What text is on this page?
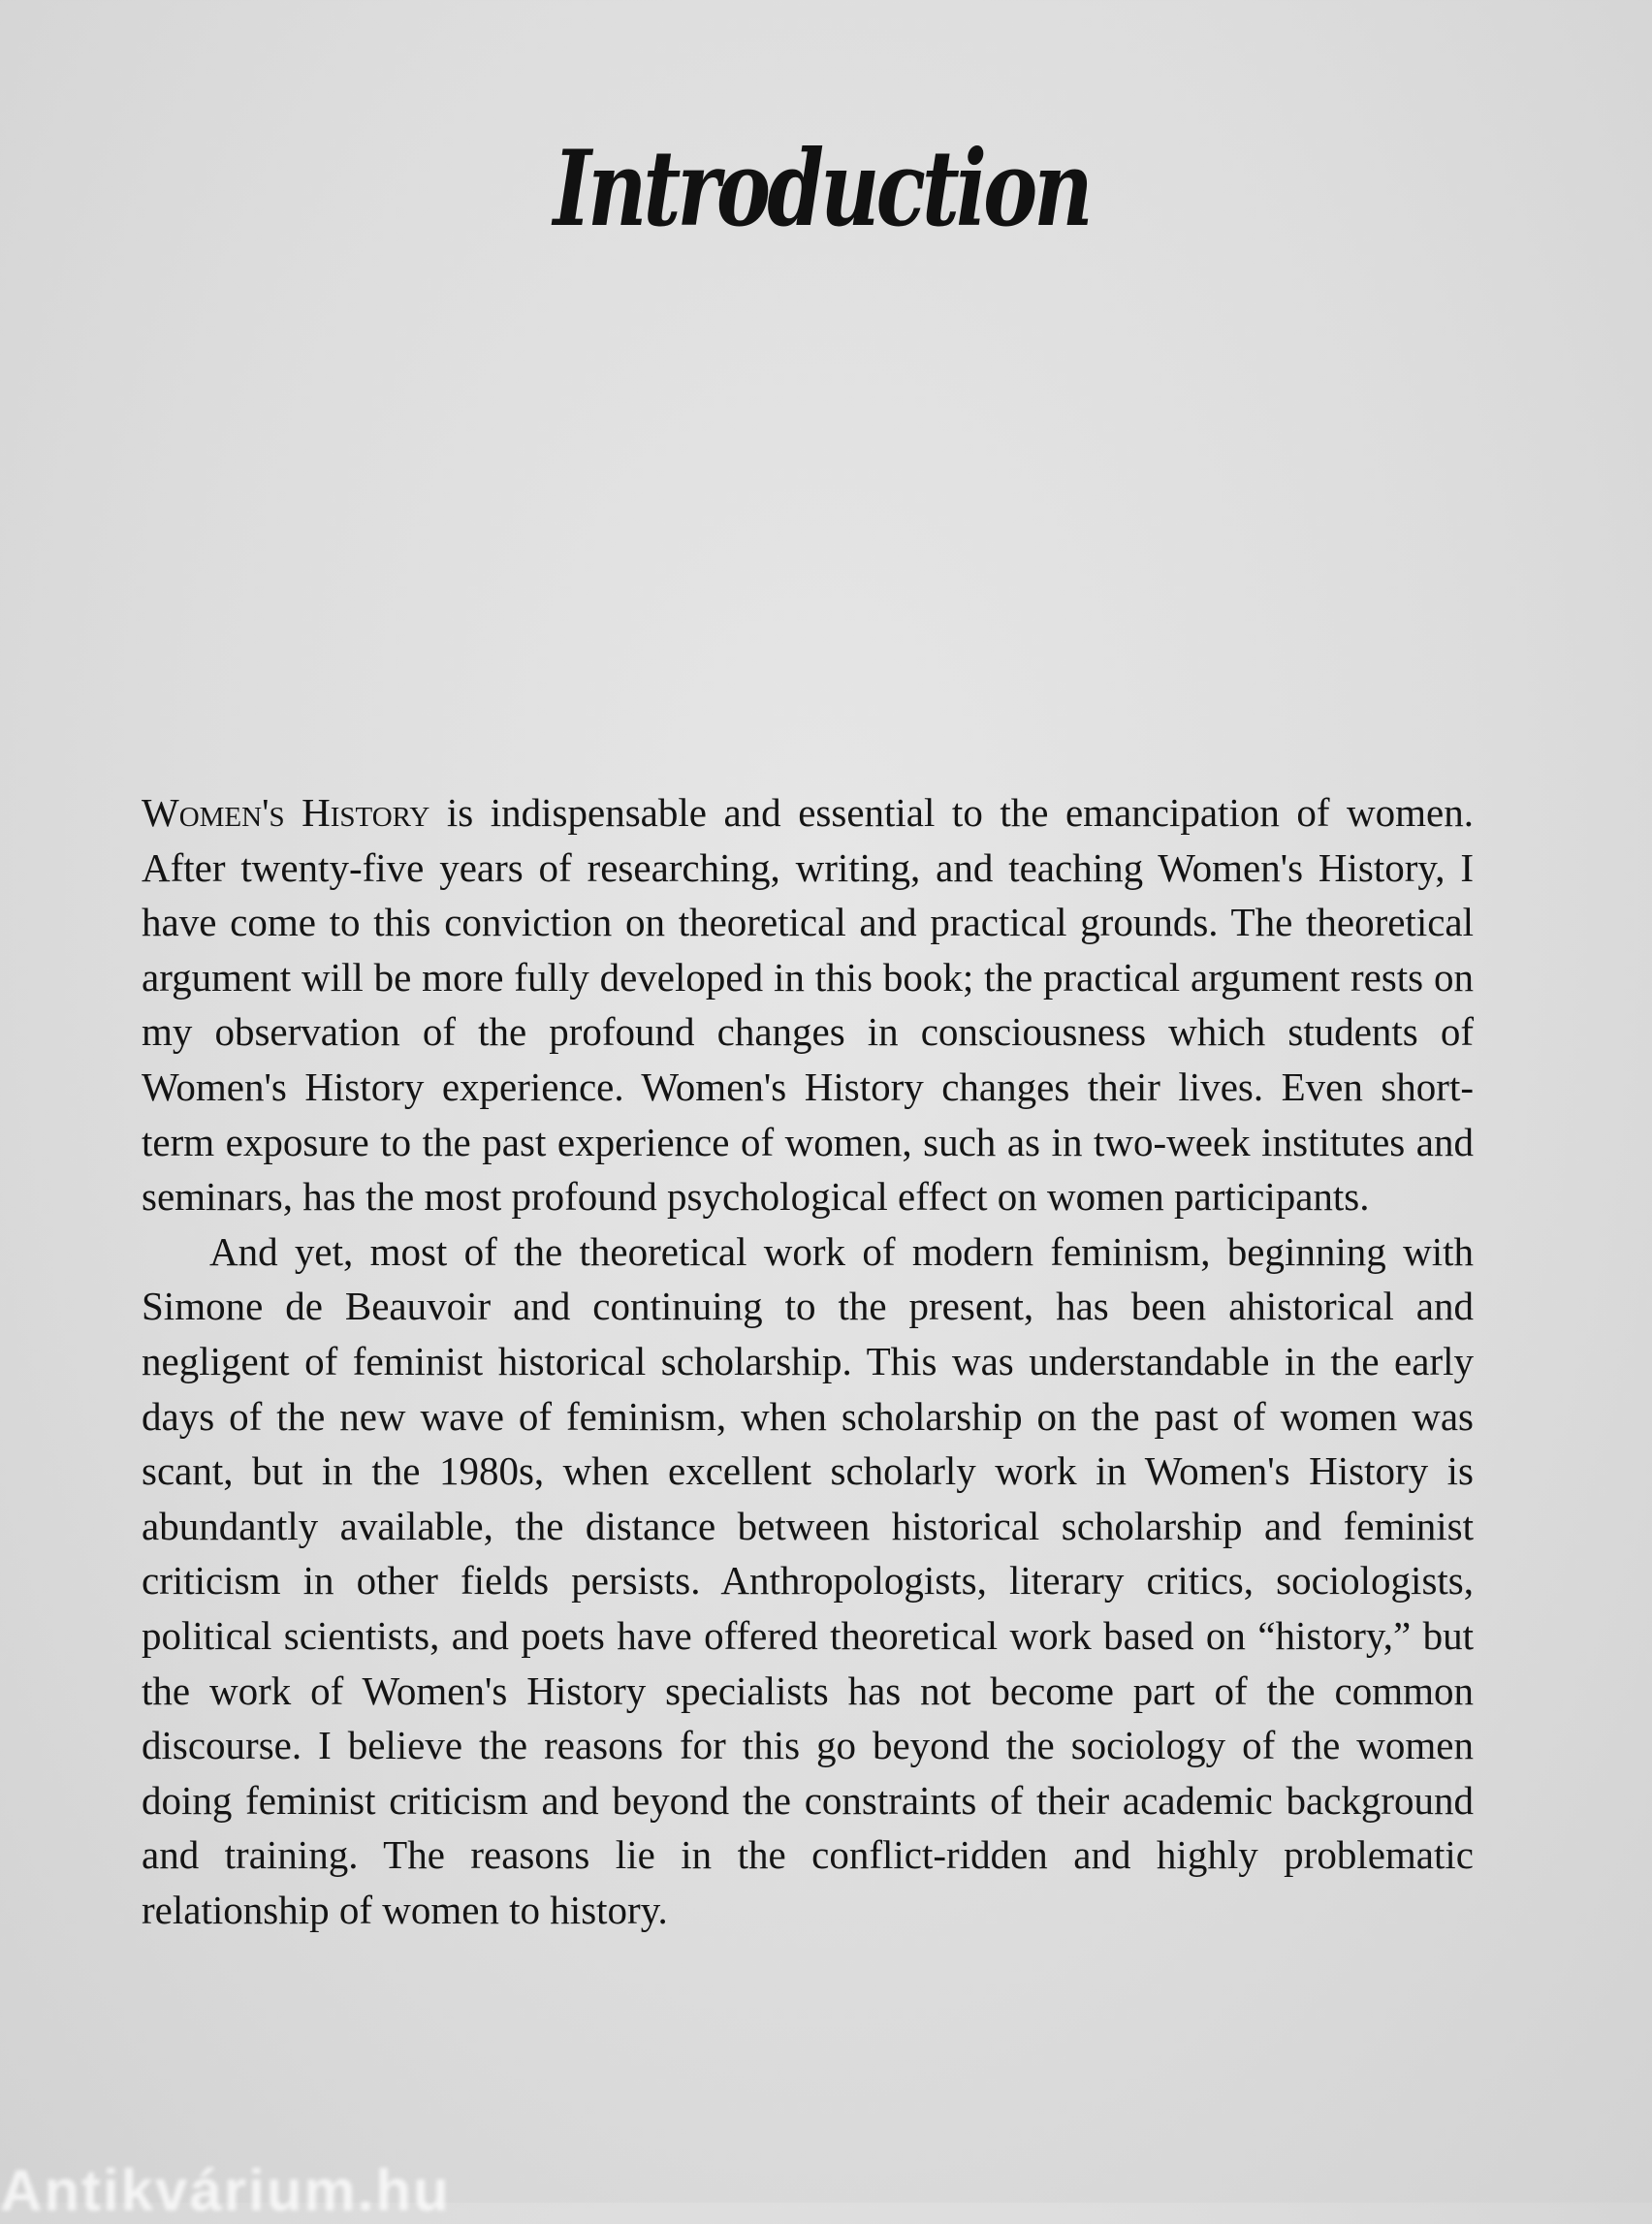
Introduction

Women's History is indispensable and essential to the emancipation of women. After twenty-five years of researching, writing, and teaching Women's History, I have come to this conviction on theoretical and practical grounds. The theoretical argument will be more fully developed in this book; the practical argument rests on my observation of the profound changes in consciousness which students of Women's History experience. Women's History changes their lives. Even short-term exposure to the past experience of women, such as in two-week institutes and seminars, has the most profound psychological effect on women participants.

And yet, most of the theoretical work of modern feminism, beginning with Simone de Beauvoir and continuing to the present, has been ahistorical and negligent of feminist historical scholarship. This was understandable in the early days of the new wave of feminism, when scholarship on the past of women was scant, but in the 1980s, when excellent scholarly work in Women's History is abundantly available, the distance between historical scholarship and feminist criticism in other fields persists. Anthropologists, literary critics, sociologists, political scientists, and poets have offered theoretical work based on “history,” but the work of Women's History specialists has not become part of the common discourse. I believe the reasons for this go beyond the sociology of the women doing feminist criticism and beyond the constraints of their academic background and training. The reasons lie in the conflict-ridden and highly problematic relationship of women to history.

Antikvárium.hu
